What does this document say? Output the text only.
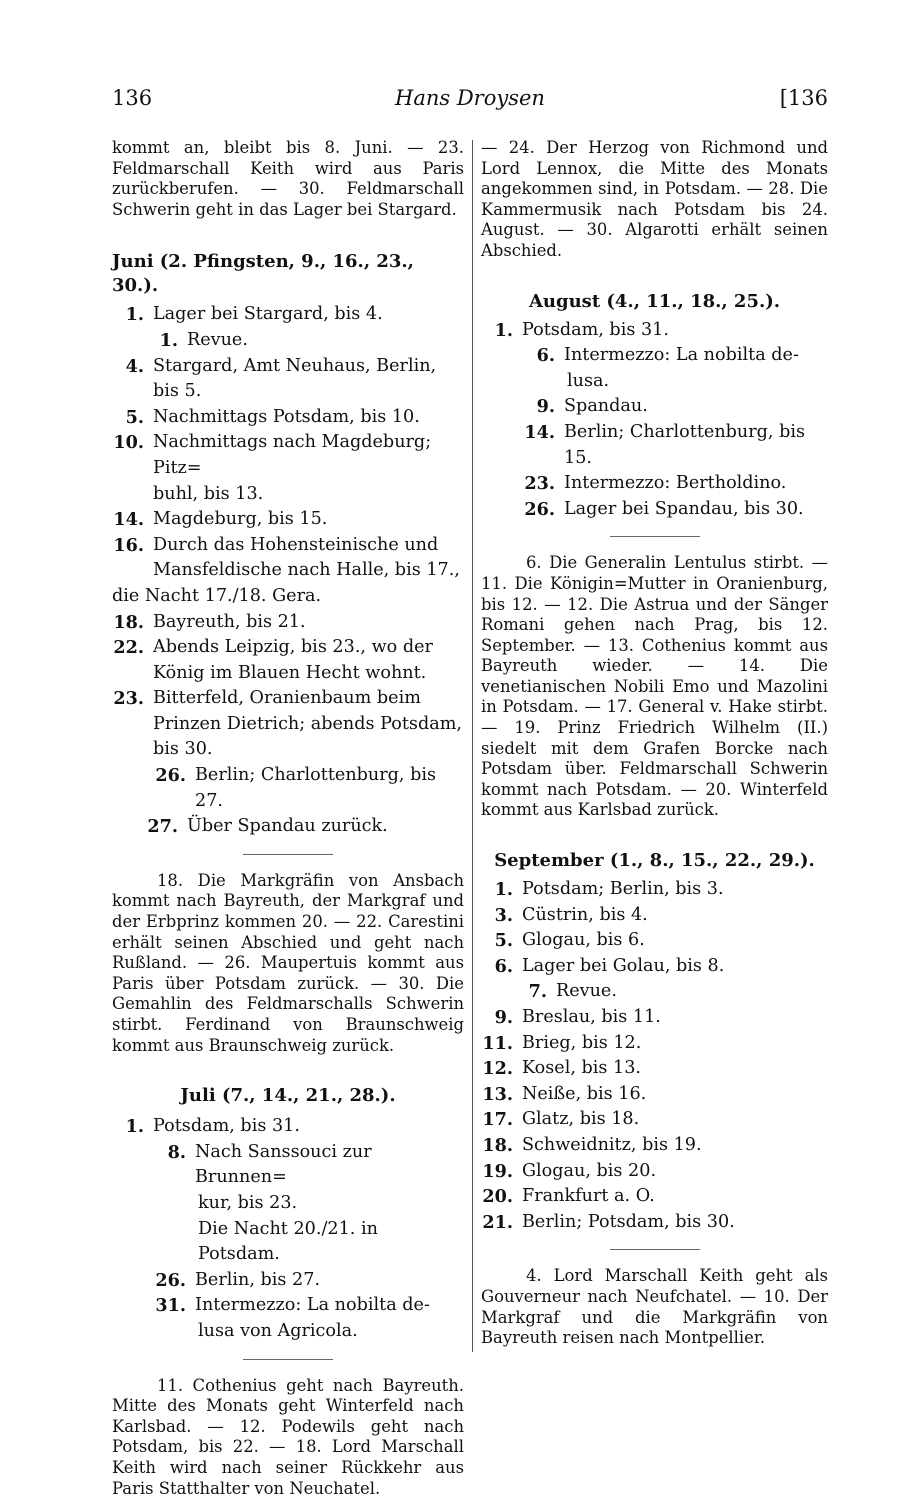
136	Hans Droysen	[136

kommt an, bleibt bis 8. Juni. — 23. Feldmarschall Keith wird aus Paris zurückberufen. — 30. Feldmarschall Schwerin geht in das Lager bei Stargard.

Juni (2. Pfingsten, 9., 16., 23., 30.).

1. Lager bei Stargard, bis 4.
1. Revue.
4. Stargard, Amt Neuhaus, Berlin,
bis 5.
5. Nachmittags Potsdam, bis 10.
10. Nachmittags nach Magdeburg; Pitz=
buhl, bis 13.
14. Magdeburg, bis 15.
16. Durch das Hohensteinische und
Mansfeldische nach Halle, bis 17.,
die Nacht 17./18. Gera.
18. Bayreuth, bis 21.
22. Abends Leipzig, bis 23., wo der
König im Blauen Hecht wohnt.
23. Bitterfeld, Oranienbaum beim
Prinzen Dietrich; abends Potsdam,
bis 30.
26. Berlin; Charlottenburg, bis 27.
27. Über Spandau zurück.

18. Die Markgräfin von Ansbach kommt nach Bayreuth, der Markgraf und der Erbprinz kommen 20. — 22. Carestini erhält seinen Abschied und geht nach Rußland. — 26. Maupertuis kommt aus Paris über Potsdam zurück. — 30. Die Gemahlin des Feldmarschalls Schwerin stirbt. Ferdinand von Braunschweig kommt aus Braunschweig zurück.

Juli (7., 14., 21., 28.).

1. Potsdam, bis 31.
8. Nach Sanssouci zur Brunnen=
kur, bis 23.
Die Nacht 20./21. in Potsdam.
26. Berlin, bis 27.
31. Intermezzo: La nobilta de-
lusa von Agricola.

11. Cothenius geht nach Bayreuth. Mitte des Monats geht Winterfeld nach Karlsbad. — 12. Podewils geht nach Potsdam, bis 22. — 18. Lord Marschall Keith wird nach seiner Rückkehr aus Paris Statthalter von Neuchatel.

— 24. Der Herzog von Richmond und Lord Lennox, die Mitte des Monats angekommen sind, in Potsdam. — 28. Die Kammermusik nach Potsdam bis 24. August. — 30. Algarotti erhält seinen Abschied.

August (4., 11., 18., 25.).

1. Potsdam, bis 31.
6. Intermezzo: La nobilta de-
lusa.
9. Spandau.
14. Berlin; Charlottenburg, bis 15.
23. Intermezzo: Bertholdino.
26. Lager bei Spandau, bis 30.

6. Die Generalin Lentulus stirbt. — 11. Die Königin=Mutter in Oranienburg, bis 12. — 12. Die Astrua und der Sänger Romani gehen nach Prag, bis 12. September. — 13. Cothenius kommt aus Bayreuth wieder. — 14. Die venetianischen Nobili Emo und Mazolini in Potsdam. — 17. General v. Hake stirbt. — 19. Prinz Friedrich Wilhelm (II.) siedelt mit dem Grafen Borcke nach Potsdam über. Feldmarschall Schwerin kommt nach Potsdam. — 20. Winterfeld kommt aus Karlsbad zurück.

September (1., 8., 15., 22., 29.).

1. Potsdam; Berlin, bis 3.
3. Cüstrin, bis 4.
5. Glogau, bis 6.
6. Lager bei Golau, bis 8.
7. Revue.
9. Breslau, bis 11.
11. Brieg, bis 12.
12. Kosel, bis 13.
13. Neiße, bis 16.
17. Glatz, bis 18.
18. Schweidnitz, bis 19.
19. Glogau, bis 20.
20. Frankfurt a. O.
21. Berlin; Potsdam, bis 30.

4. Lord Marschall Keith geht als Gouverneur nach Neufchatel. — 10. Der Markgraf und die Markgräfin von Bayreuth reisen nach Montpellier.
